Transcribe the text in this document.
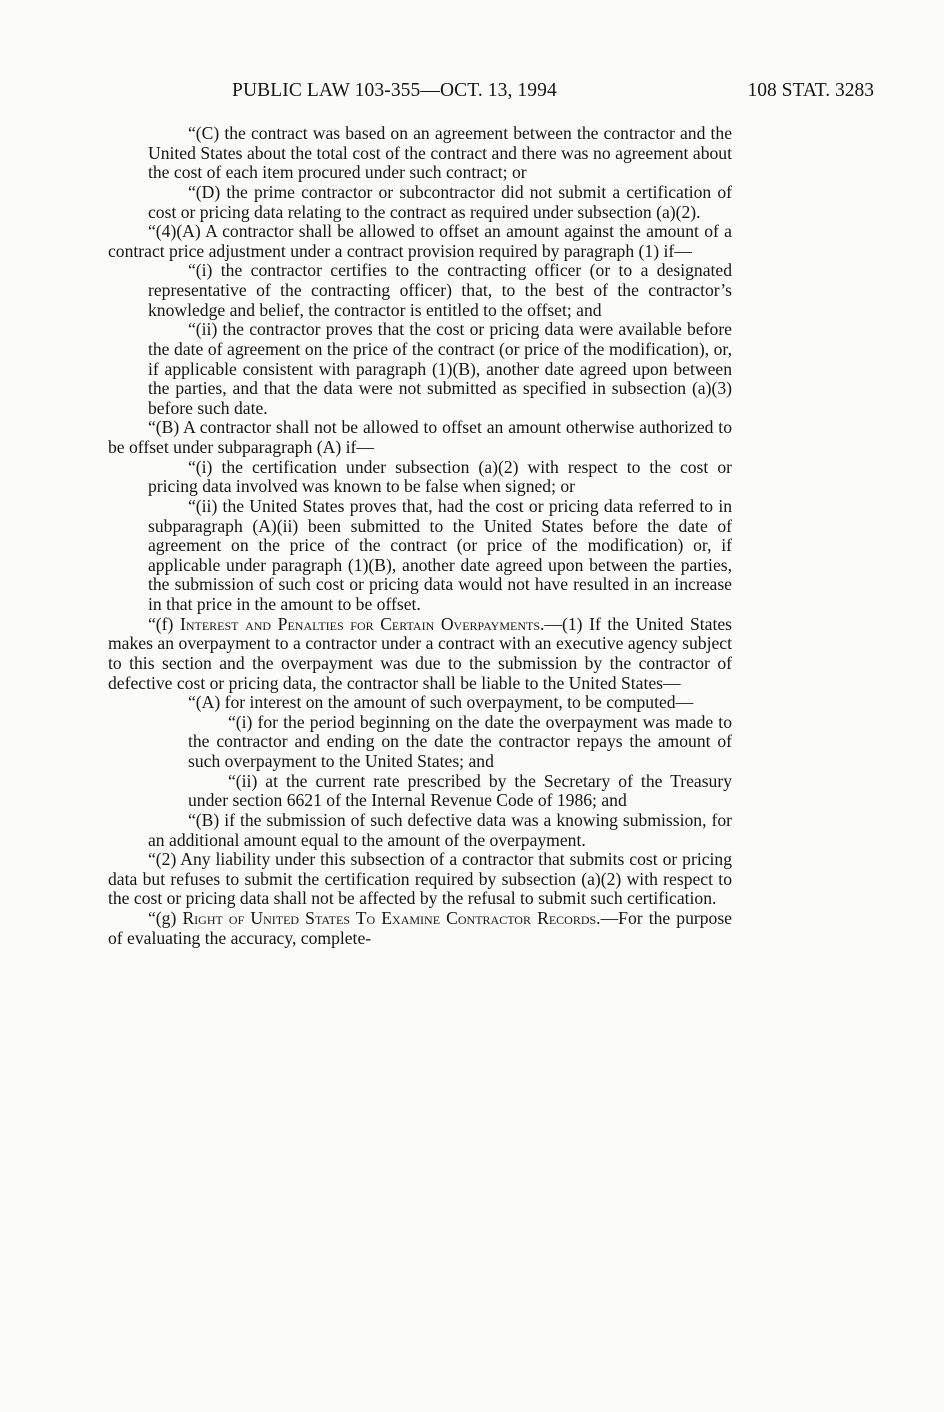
PUBLIC LAW 103-355—OCT. 13, 1994	108 STAT. 3283

“(C) the contract was based on an agreement between the contractor and the United States about the total cost of the contract and there was no agreement about the cost of each item procured under such contract; or

“(D) the prime contractor or subcontractor did not submit a certification of cost or pricing data relating to the contract as required under subsection (a)(2).

“(4)(A) A contractor shall be allowed to offset an amount against the amount of a contract price adjustment under a contract provision required by paragraph (1) if—

“(i) the contractor certifies to the contracting officer (or to a designated representative of the contracting officer) that, to the best of the contractor’s knowledge and belief, the contractor is entitled to the offset; and

“(ii) the contractor proves that the cost or pricing data were available before the date of agreement on the price of the contract (or price of the modification), or, if applicable consistent with paragraph (1)(B), another date agreed upon between the parties, and that the data were not submitted as specified in subsection (a)(3) before such date.

“(B) A contractor shall not be allowed to offset an amount otherwise authorized to be offset under subparagraph (A) if—

“(i) the certification under subsection (a)(2) with respect to the cost or pricing data involved was known to be false when signed; or

“(ii) the United States proves that, had the cost or pricing data referred to in subparagraph (A)(ii) been submitted to the United States before the date of agreement on the price of the contract (or price of the modification) or, if applicable under paragraph (1)(B), another date agreed upon between the parties, the submission of such cost or pricing data would not have resulted in an increase in that price in the amount to be offset.

“(f) Interest and Penalties for Certain Overpayments.—(1) If the United States makes an overpayment to a contractor under a contract with an executive agency subject to this section and the overpayment was due to the submission by the contractor of defective cost or pricing data, the contractor shall be liable to the United States—

“(A) for interest on the amount of such overpayment, to be computed—

“(i) for the period beginning on the date the overpayment was made to the contractor and ending on the date the contractor repays the amount of such overpayment to the United States; and

“(ii) at the current rate prescribed by the Secretary of the Treasury under section 6621 of the Internal Revenue Code of 1986; and

“(B) if the submission of such defective data was a knowing submission, for an additional amount equal to the amount of the overpayment.

“(2) Any liability under this subsection of a contractor that submits cost or pricing data but refuses to submit the certification required by subsection (a)(2) with respect to the cost or pricing data shall not be affected by the refusal to submit such certification.

“(g) Right of United States To Examine Contractor Records.—For the purpose of evaluating the accuracy, complete-
